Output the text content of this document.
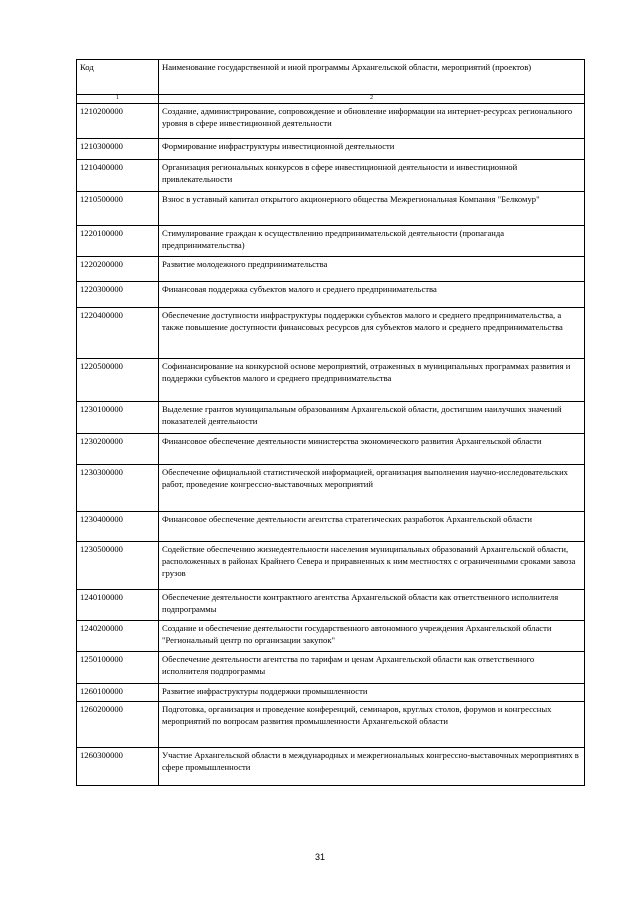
Код	Наименование государственной и иной программы Архангельской области, мероприятий (проектов)
1	2
1210200000	Создание, администрирование, сопровождение и обновление информации на интернет-ресурсах регионального уровня в сфере инвестиционной деятельности
1210300000	Формирование инфраструктуры инвестиционной деятельности
1210400000	Организация региональных конкурсов в сфере инвестиционной деятельности и инвестиционной привлекательности
1210500000	Взнос в уставный капитал открытого акционерного общества Межрегиональная Компания "Белкомур"
1220100000	Стимулирование граждан к осуществлению предпринимательской деятельности (пропаганда предпринимательства)
1220200000	Развитие молодежного предпринимательства
1220300000	Финансовая поддержка субъектов малого и среднего предпринимательства
1220400000	Обеспечение доступности инфраструктуры поддержки субъектов малого и среднего предпринимательства, а также повышение доступности финансовых ресурсов для субъектов малого и среднего предпринимательства
1220500000	Софинансирование на конкурсной основе мероприятий, отраженных в муниципальных программах развития и поддержки субъектов малого и среднего предпринимательства
1230100000	Выделение грантов муниципальным образованиям Архангельской области, достигшим наилучших значений показателей деятельности
1230200000	Финансовое обеспечение деятельности министерства экономического развития Архангельской области
1230300000	Обеспечение официальной статистической информацией, организация выполнения научно-исследовательских работ, проведение конгрессно-выставочных мероприятий
1230400000	Финансовое обеспечение деятельности агентства стратегических разработок Архангельской области
1230500000	Содействие обеспечению жизнедеятельности населения муниципальных образований Архангельской области, расположенных в районах Крайнего Севера и приравненных к ним местностях с ограниченными сроками завоза грузов
1240100000	Обеспечение деятельности контрактного агентства Архангельской области как ответственного исполнителя подпрограммы
1240200000	Создание и обеспечение деятельности государственного автономного учреждения Архангельской области "Региональный центр по организации закупок"
1250100000	Обеспечение деятельности агентства по тарифам и ценам Архангельской области как ответственного исполнителя подпрограммы
1260100000	Развитие инфраструктуры поддержки промышленности
1260200000	Подготовка, организация и проведение конференций, семинаров, круглых столов, форумов и конгрессных мероприятий по вопросам развития промышленности Архангельской области
1260300000	Участие Архангельской области в международных и межрегиональных конгрессно-выставочных мероприятиях в сфере промышленности
31
